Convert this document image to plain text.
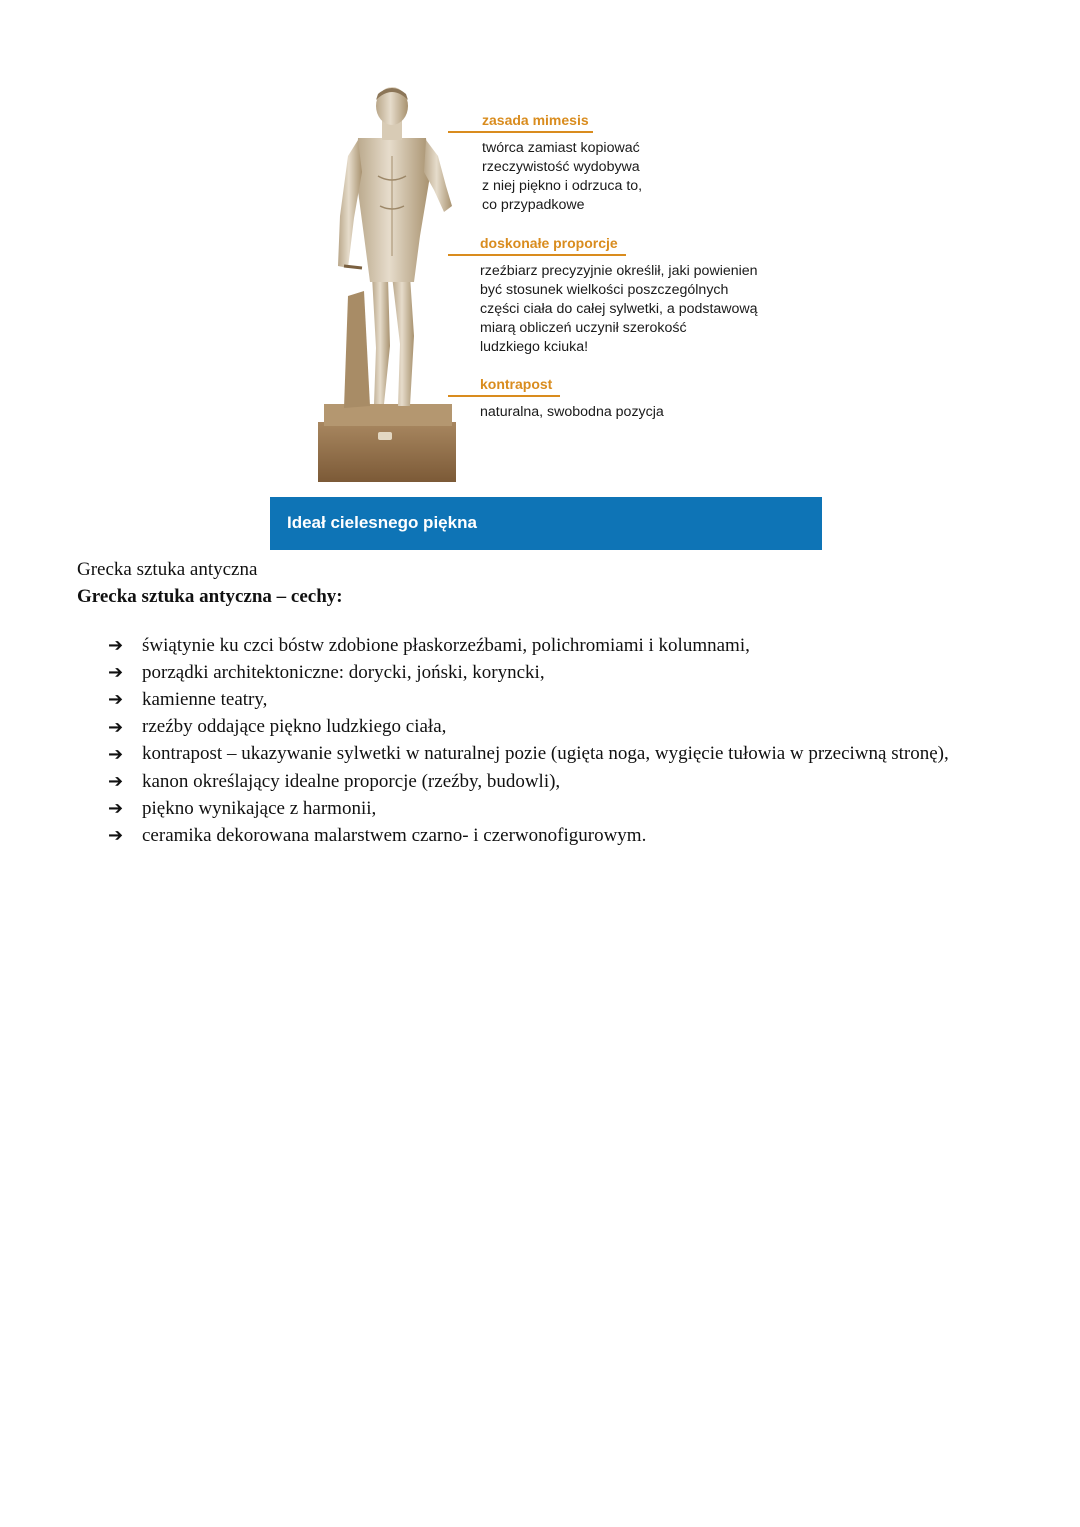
zasada mimesis
twórca zamiast kopiować
rzeczywistość wydobywa
z niej piękno i odrzuca to,
co przypadkowe
doskonałe proporcje
rzeźbiarz precyzyjnie określił, jaki powienien
być stosunek wielkości poszczególnych
części ciała do całej sylwetki, a podstawową
miarą obliczeń uczynił szerokość
ludzkiego kciuka!
kontrapost
naturalna, swobodna pozycja
Ideał cielesnego piękna
Grecka sztuka antyczna
Grecka sztuka antyczna – cechy:
➔ świątynie ku czci bóstw zdobione płaskorzeźbami, polichromiami i kolumnami,
➔ porządki architektoniczne: dorycki, joński, koryncki,
➔ kamienne teatry,
➔ rzeźby oddające piękno ludzkiego ciała,
➔ kontrapost – ukazywanie sylwetki w naturalnej pozie (ugięta noga, wygięcie tułowia w przeciwną stronę),
➔ kanon określający idealne proporcje (rzeźby, budowli),
➔ piękno wynikające z harmonii,
➔ ceramika dekorowana malarstwem czarno- i czerwonofigurowym.
